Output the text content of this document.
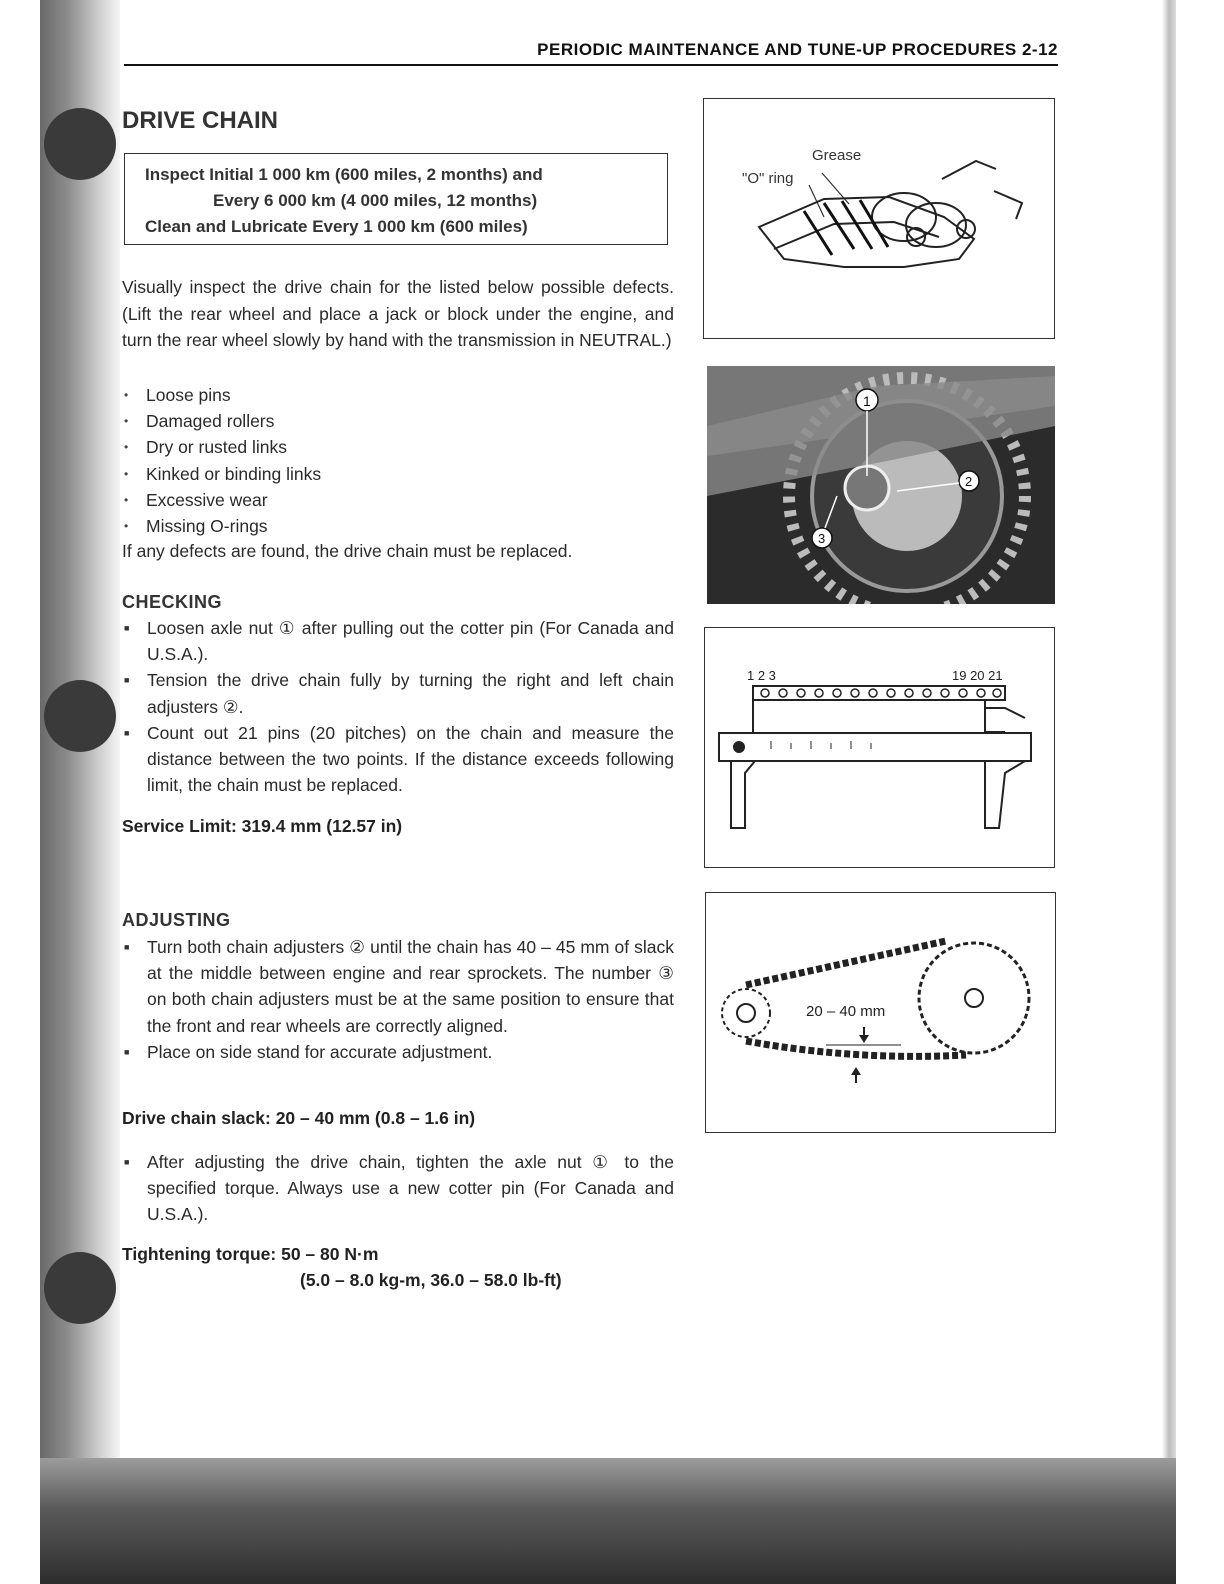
PERIODIC MAINTENANCE AND TUNE-UP PROCEDURES 2-12
DRIVE CHAIN
Inspect Initial 1 000 km (600 miles, 2 months) and
Every 6 000 km (4 000 miles, 12 months)
Clean and Lubricate Every 1 000 km (600 miles)
Visually inspect the drive chain for the listed below possible defects. (Lift the rear wheel and place a jack or block under the engine, and turn the rear wheel slowly by hand with the transmission in NEUTRAL.)
• Loose pins
• Damaged rollers
• Dry or rusted links
• Kinked or binding links
• Excessive wear
• Missing O-rings
If any defects are found, the drive chain must be replaced.
CHECKING
■ Loosen axle nut ① after pulling out the cotter pin (For Canada and U.S.A.).
■ Tension the drive chain fully by turning the right and left chain adjusters ②.
■ Count out 21 pins (20 pitches) on the chain and measure the distance between the two points. If the distance exceeds following limit, the chain must be replaced.
Service Limit: 319.4 mm (12.57 in)
ADJUSTING
■ Turn both chain adjusters ② until the chain has 40 – 45 mm of slack at the middle between engine and rear sprockets. The number ③ on both chain adjusters must be at the same position to ensure that the front and rear wheels are correctly aligned.
■ Place on side stand for accurate adjustment.
Drive chain slack: 20 – 40 mm (0.8 – 1.6 in)
■ After adjusting the drive chain, tighten the axle nut ① to the specified torque. Always use a new cotter pin (For Canada and U.S.A.).
Tightening torque: 50 – 80 N·m
(5.0 – 8.0 kg-m, 36.0 – 58.0 lb-ft)
Grease
"O" ring
1
2
3
1 2 3	19 20 21
20 – 40 mm
